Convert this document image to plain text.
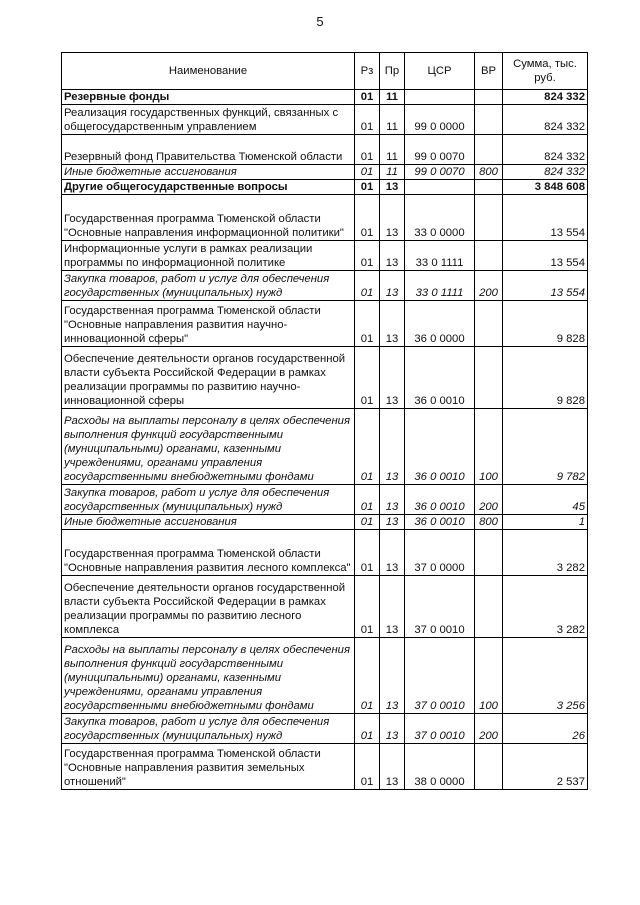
5
Наименование	Рз	Пр	ЦСР	ВР	Сумма, тыс. руб.
Резервные фонды	01	11			824 332
Реализация государственных функций, связанных с общегосударственным управлением	01	11	99 0 0000		824 332
Резервный фонд Правительства Тюменской области	01	11	99 0 0070		824 332
Иные бюджетные ассигнования	01	11	99 0 0070	800	824 332
Другие общегосударственные вопросы	01	13			3 848 608
Государственная программа Тюменской области "Основные направления информационной политики"	01	13	33 0 0000		13 554
Информационные услуги в рамках реализации программы по информационной политике	01	13	33 0 1111		13 554
Закупка товаров, работ и услуг для обеспечения государственных (муниципальных) нужд	01	13	33 0 1111	200	13 554
Государственная программа Тюменской области "Основные направления развития научно-инновационной сферы"	01	13	36 0 0000		9 828
Обеспечение деятельности органов государственной власти субъекта Российской Федерации в рамках реализации программы по развитию научно-инновационной сферы	01	13	36 0 0010		9 828
Расходы на выплаты персоналу в целях обеспечения выполнения функций государственными (муниципальными) органами, казенными учреждениями, органами управления государственными внебюджетными фондами	01	13	36 0 0010	100	9 782
Закупка товаров, работ и услуг для обеспечения государственных (муниципальных) нужд	01	13	36 0 0010	200	45
Иные бюджетные ассигнования	01	13	36 0 0010	800	1
Государственная программа Тюменской области "Основные направления развития лесного комплекса"	01	13	37 0 0000		3 282
Обеспечение деятельности органов государственной власти субъекта Российской Федерации в рамках реализации программы по развитию лесного комплекса	01	13	37 0 0010		3 282
Расходы на выплаты персоналу в целях обеспечения выполнения функций государственными (муниципальными) органами, казенными учреждениями, органами управления государственными внебюджетными фондами	01	13	37 0 0010	100	3 256
Закупка товаров, работ и услуг для обеспечения государственных (муниципальных) нужд	01	13	37 0 0010	200	26
Государственная программа Тюменской области "Основные направления развития земельных отношений"	01	13	38 0 0000		2 537
